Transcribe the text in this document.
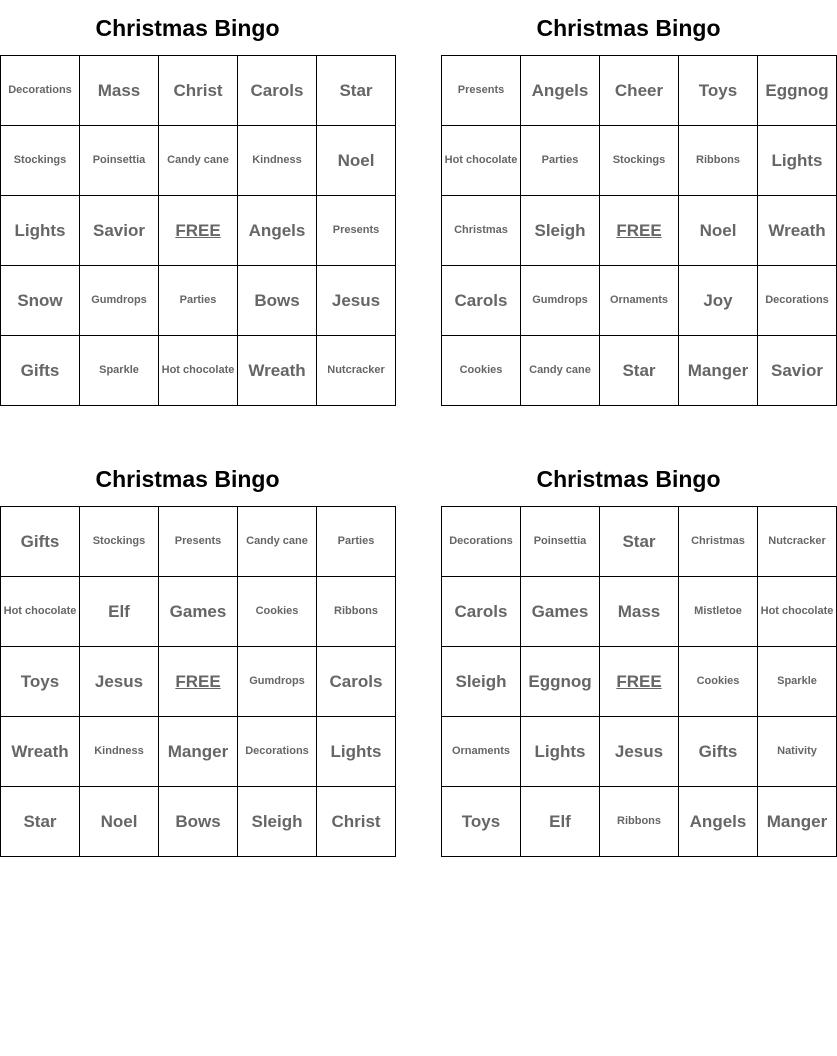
Christmas Bingo
Decorations	Mass	Christ	Carols	Star
Stockings	Poinsettia	Candy cane	Kindness	Noel
Lights	Savior	FREE	Angels	Presents
Snow	Gumdrops	Parties	Bows	Jesus
Gifts	Sparkle	Hot chocolate	Wreath	Nutcracker
Christmas Bingo
Presents	Angels	Cheer	Toys	Eggnog
Hot chocolate	Parties	Stockings	Ribbons	Lights
Christmas	Sleigh	FREE	Noel	Wreath
Carols	Gumdrops	Ornaments	Joy	Decorations
Cookies	Candy cane	Star	Manger	Savior
Christmas Bingo
Gifts	Stockings	Presents	Candy cane	Parties
Hot chocolate	Elf	Games	Cookies	Ribbons
Toys	Jesus	FREE	Gumdrops	Carols
Wreath	Kindness	Manger	Decorations	Lights
Star	Noel	Bows	Sleigh	Christ
Christmas Bingo
Decorations	Poinsettia	Star	Christmas	Nutcracker
Carols	Games	Mass	Mistletoe	Hot chocolate
Sleigh	Eggnog	FREE	Cookies	Sparkle
Ornaments	Lights	Jesus	Gifts	Nativity
Toys	Elf	Ribbons	Angels	Manger
